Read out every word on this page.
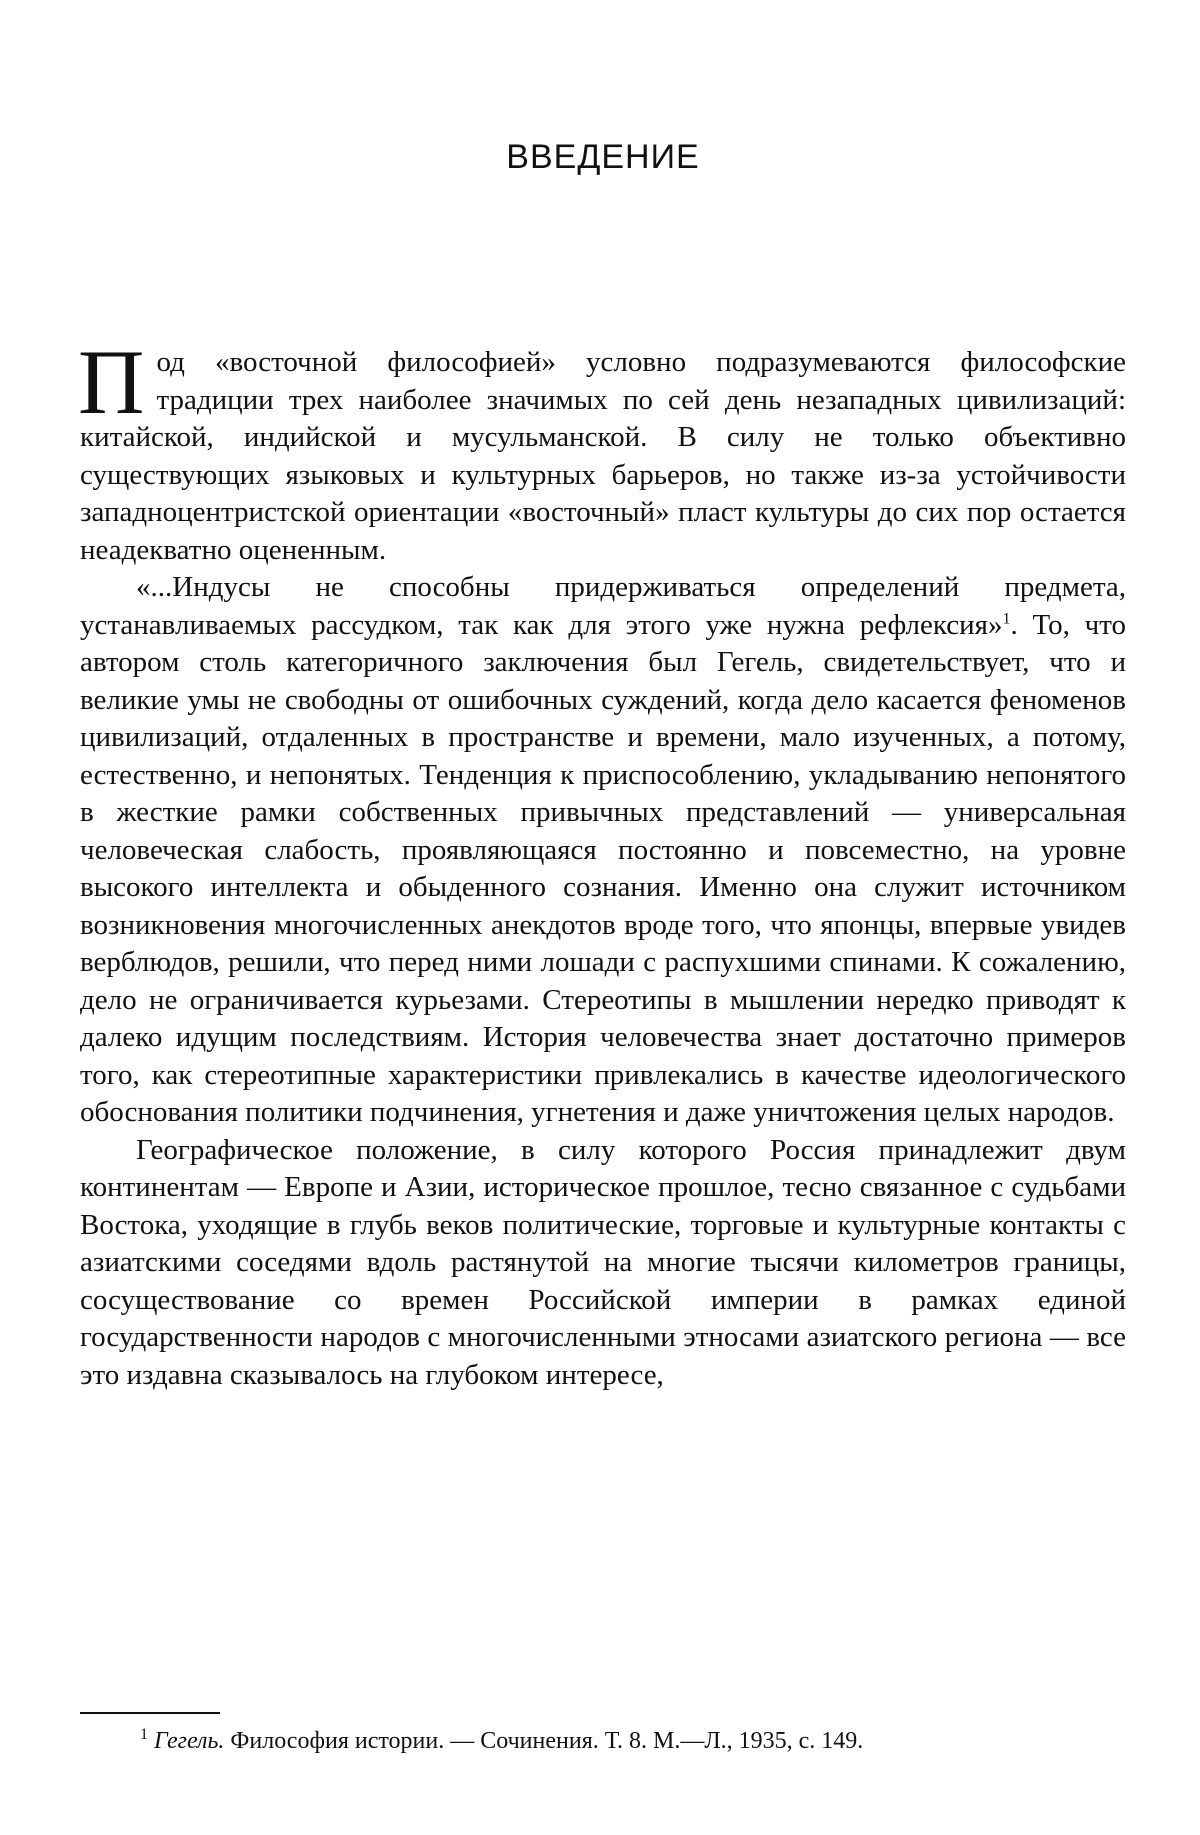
ВВЕДЕНИЕ

Под «восточной философией» условно подразумеваются философские традиции трех наиболее значимых по сей день незападных цивилизаций: китайской, индийской и мусульманской. В силу не только объективно существующих языковых и культурных барьеров, но также из-за устойчивости западноцентристской ориентации «восточный» пласт культуры до сих пор остается неадекватно оцененным.

«...Индусы не способны придерживаться определений предмета, устанавливаемых рассудком, так как для этого уже нужна рефлексия»$^1$. То, что автором столь категоричного заключения был Гегель, свидетельствует, что и великие умы не свободны от ошибочных суждений, когда дело касается феноменов цивилизаций, отдаленных в пространстве и времени, мало изученных, а потому, естественно, и непонятых. Тенденция к приспособлению, укладыванию непонятого в жесткие рамки собственных привычных представлений — универсальная человеческая слабость, проявляющаяся постоянно и повсеместно, на уровне высокого интеллекта и обыденного сознания. Именно она служит источником возникновения многочисленных анекдотов вроде того, что японцы, впервые увидев верблюдов, решили, что перед ними лошади с распухшими спинами. К сожалению, дело не ограничивается курьезами. Стереотипы в мышлении нередко приводят к далеко идущим последствиям. История человечества знает достаточно примеров того, как стереотипные характеристики привлекались в качестве идеологического обоснования политики подчинения, угнетения и даже уничтожения целых народов.

Географическое положение, в силу которого Россия принадлежит двум континентам — Европе и Азии, историческое прошлое, тесно связанное с судьбами Востока, уходящие в глубь веков политические, торговые и культурные контакты с азиатскими соседями вдоль растянутой на многие тысячи километров границы, сосуществование со времен Российской империи в рамках единой государственности народов с многочисленными этносами азиатского региона — все это издавна сказывалось на глубоком интересе,

$^1$ Гегель. Философия истории. — Сочинения. Т. 8. М.—Л., 1935, с. 149.
